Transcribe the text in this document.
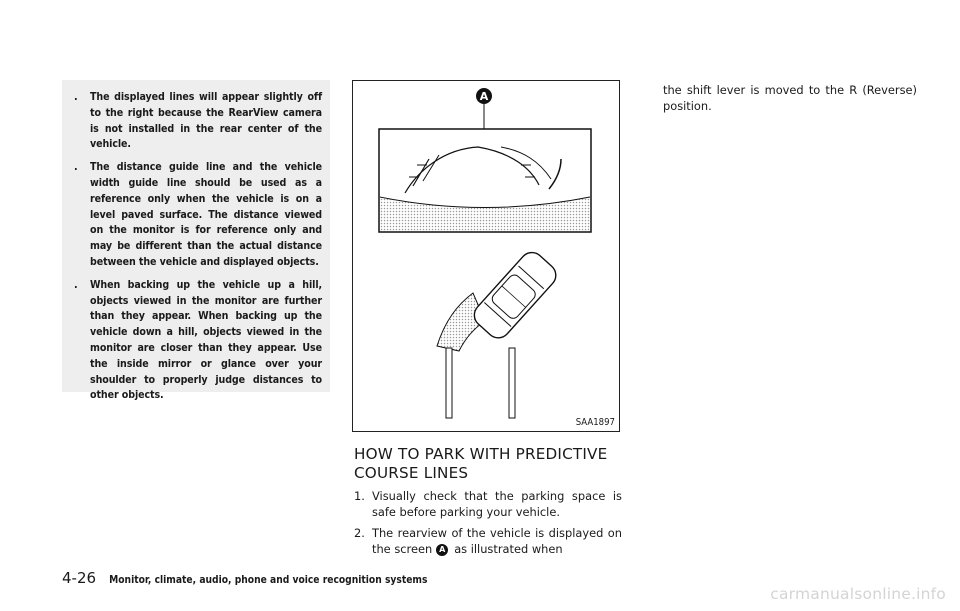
. The displayed lines will appear slightly off to the right because the RearView camera is not installed in the rear center of the vehicle.
. The distance guide line and the vehicle width guide line should be used as a reference only when the vehicle is on a level paved surface. The distance viewed on the monitor is for reference only and may be different than the actual distance between the vehicle and displayed objects.
. When backing up the vehicle up a hill, objects viewed in the monitor are further than they appear. When backing up the vehicle down a hill, objects viewed in the monitor are closer than they appear. Use the inside mirror or glance over your shoulder to properly judge distances to other objects.
A
SAA1897
HOW TO PARK WITH PREDICTIVE COURSE LINES
1. Visually check that the parking space is safe before parking your vehicle.
2. The rearview of the vehicle is displayed on the screen A as illustrated when

the shift lever is moved to the R (Reverse) position.

4-26 Monitor, climate, audio, phone and voice recognition systems
carmanualsonline.info
